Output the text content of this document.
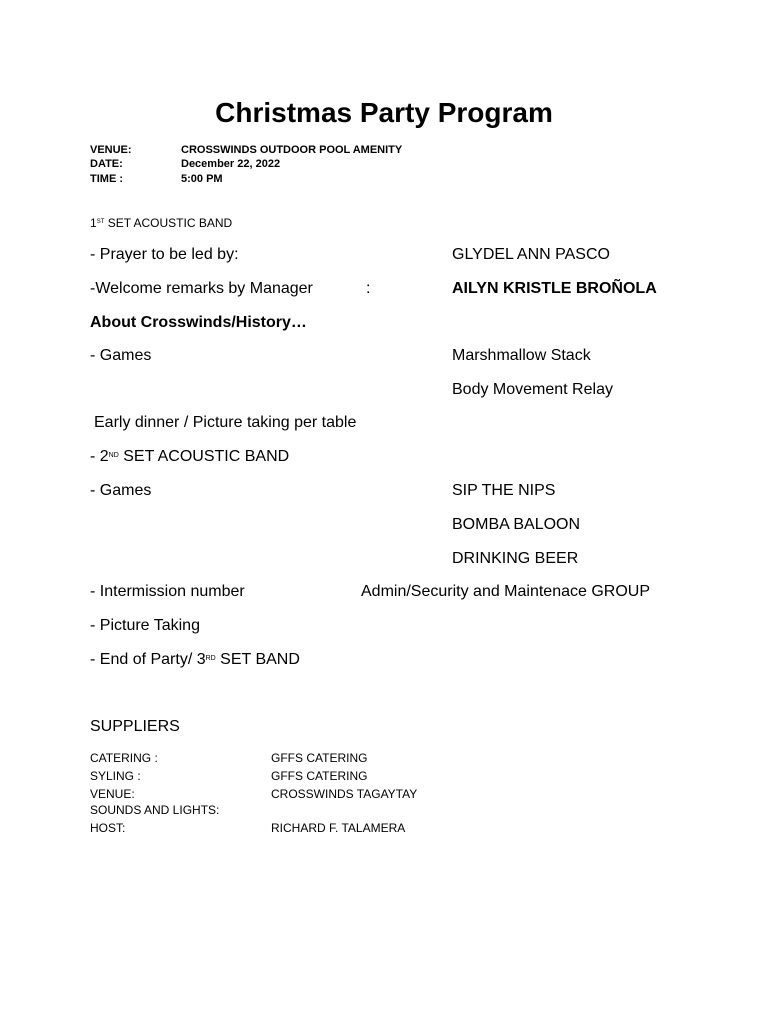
Christmas Party Program
VENUE:	CROSSWINDS OUTDOOR POOL AMENITY
DATE:	December 22, 2022
TIME :	5:00 PM
1ST SET ACOUSTIC BAND
- Prayer to be led by:	GLYDEL ANN PASCO
-Welcome remarks by Manager	:	AILYN KRISTLE BROÑOLA
About Crosswinds/History…
- Games	Marshmallow Stack
Body Movement Relay
Early dinner / Picture taking per table
- 2ND SET ACOUSTIC BAND
- Games	SIP THE NIPS
BOMBA BALOON
DRINKING BEER
- Intermission number	Admin/Security and Maintenace GROUP
- Picture Taking
- End of Party/ 3RD SET BAND
SUPPLIERS
CATERING :	GFFS CATERING
SYLING :	GFFS CATERING
VENUE:	CROSSWINDS TAGAYTAY
SOUNDS AND LIGHTS:
HOST:	RICHARD F. TALAMERA
